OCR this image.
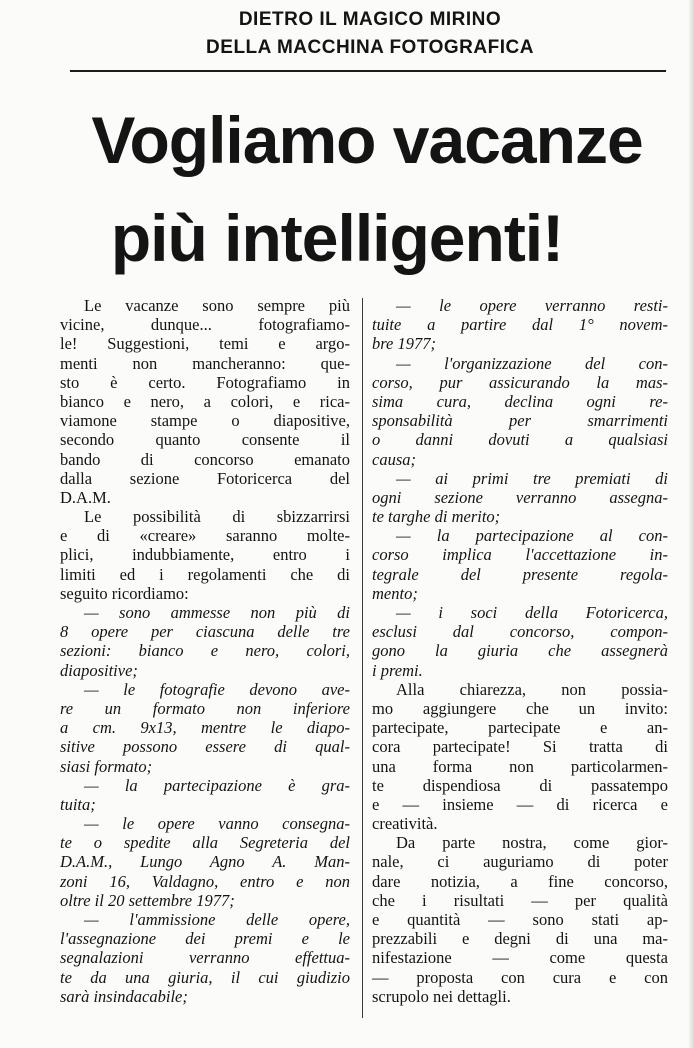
DIETRO IL MAGICO MIRINO
DELLA MACCHINA FOTOGRAFICA
Vogliamo vacanze
più intelligenti!
Le vacanze sono sempre più
vicine, dunque... fotografiamo-
le! Suggestioni, temi e argo-
menti non mancheranno: que-
sto è certo. Fotografiamo in
bianco e nero, a colori, e rica-
viamone stampe o diapositive,
secondo quanto consente il
bando di concorso emanato
dalla sezione Fotoricerca del
D.A.M.
Le possibilità di sbizzarrirsi
e di «creare» saranno molte-
plici, indubbiamente, entro i
limiti ed i regolamenti che di
seguito ricordiamo:
— sono ammesse non più di
8 opere per ciascuna delle tre
sezioni: bianco e nero, colori,
diapositive;
— le fotografie devono ave-
re un formato non inferiore
a cm. 9x13, mentre le diapo-
sitive possono essere di qual-
siasi formato;
— la partecipazione è gra-
tuita;
— le opere vanno consegna-
te o spedite alla Segreteria del
D.A.M., Lungo Agno A. Man-
zoni 16, Valdagno, entro e non
oltre il 20 settembre 1977;
— l'ammissione delle opere,
l'assegnazione dei premi e le
segnalazioni verranno effettua-
te da una giuria, il cui giudizio
sarà insindacabile;
— le opere verranno resti-
tuite a partire dal 1° novem-
bre 1977;
— l'organizzazione del con-
corso, pur assicurando la mas-
sima cura, declina ogni re-
sponsabilità per smarrimenti
o danni dovuti a qualsiasi
causa;
— ai primi tre premiati di
ogni sezione verranno assegna-
te targhe di merito;
— la partecipazione al con-
corso implica l'accettazione in-
tegrale del presente regola-
mento;
— i soci della Fotoricerca,
esclusi dal concorso, compon-
gono la giuria che assegnerà
i premi.
Alla chiarezza, non possia-
mo aggiungere che un invito:
partecipate, partecipate e an-
cora partecipate! Si tratta di
una forma non particolarmen-
te dispendiosa di passatempo
e — insieme — di ricerca e
creatività.
Da parte nostra, come gior-
nale, ci auguriamo di poter
dare notizia, a fine concorso,
che i risultati — per qualità
e quantità — sono stati ap-
prezzabili e degni di una ma-
nifestazione — come questa
— proposta con cura e con
scrupolo nei dettagli.
